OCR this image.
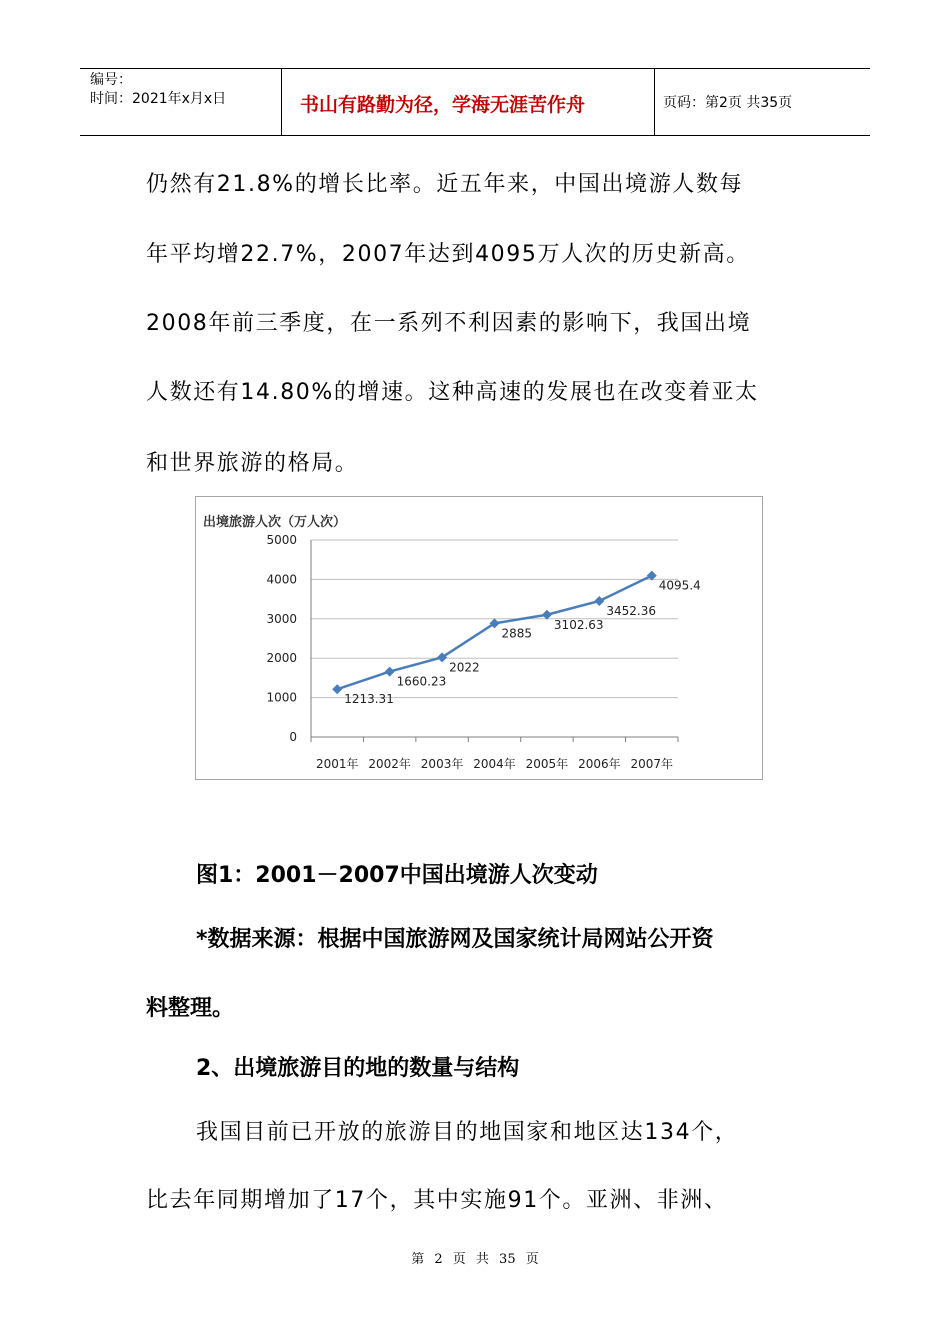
编号：
时间：2021年x月x日	书山有路勤为径，学海无涯苦作舟	页码：第2页 共35页
仍然有21.8%的增长比率。近五年来，中国出境游人数每
年平均增22.7%，2007年达到4095万人次的历史新高。
2008年前三季度，在一系列不利因素的影响下，我国出境
人数还有14.80%的增速。这种高速的发展也在改变着亚太
和世界旅游的格局。
出境旅游人次（万人次）
0
1000
2000
3000
4000
5000
2001年 2002年 2003年 2004年 2005年 2006年 2007年
1213.31
1660.23
2022
2885
3102.63
3452.36
4095.4
图1：2001－2007中国出境游人次变动
*数据来源：根据中国旅游网及国家统计局网站公开资
料整理。
2、出境旅游目的地的数量与结构
我国目前已开放的旅游目的地国家和地区达134个，
比去年同期增加了17个，其中实施91个。亚洲、非洲、
第 2 页 共 35 页
